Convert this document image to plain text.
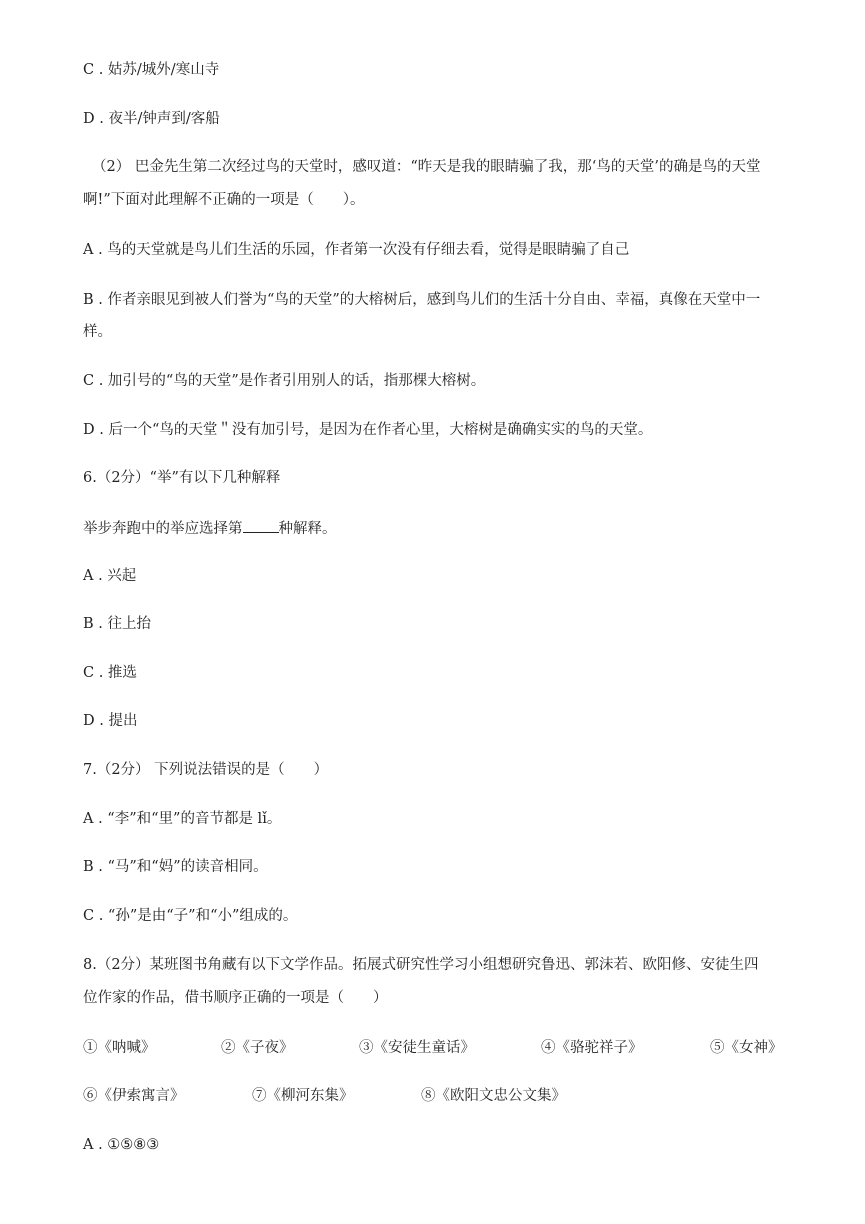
C . 姑苏/城外/寒山寺
D . 夜半/钟声到/客船
（2） 巴金先生第二次经过鸟的天堂时，感叹道：“昨天是我的眼睛骗了我，那‘鸟的天堂’的确是鸟的天堂
啊!”下面对此理解不正确的一项是（　　）。
A . 鸟的天堂就是鸟儿们生活的乐园，作者第一次没有仔细去看，觉得是眼睛骗了自己
B . 作者亲眼见到被人们誉为“鸟的天堂”的大榕树后，感到鸟儿们的生活十分自由、幸福，真像在天堂中一
样。
C . 加引号的“鸟的天堂”是作者引用别人的话，指那棵大榕树。
D . 后一个“鸟的天堂＂没有加引号，是因为在作者心里，大榕树是确确实实的鸟的天堂。
6.（2分）“举”有以下几种解释
举步奔跑中的举应选择第 种解释。
A . 兴起
B . 往上抬
C . 推选
D . 提出
7.（2分） 下列说法错误的是（　　）
A . “李”和“里”的音节都是 lǐ。
B . “马”和“妈”的读音相同。
C . “孙”是由“子”和“小”组成的。
8.（2分）某班图书角藏有以下文学作品。拓展式研究性学习小组想研究鲁迅、郭沫若、欧阳修、安徒生四
位作家的作品，借书顺序正确的一项是（　　）
①《呐喊》	②《子夜》	③《安徒生童话》	④《骆驼祥子》	⑤《女神》
⑥《伊索寓言》	⑦《柳河东集》	⑧《欧阳文忠公文集》
A . ①⑤⑧③
